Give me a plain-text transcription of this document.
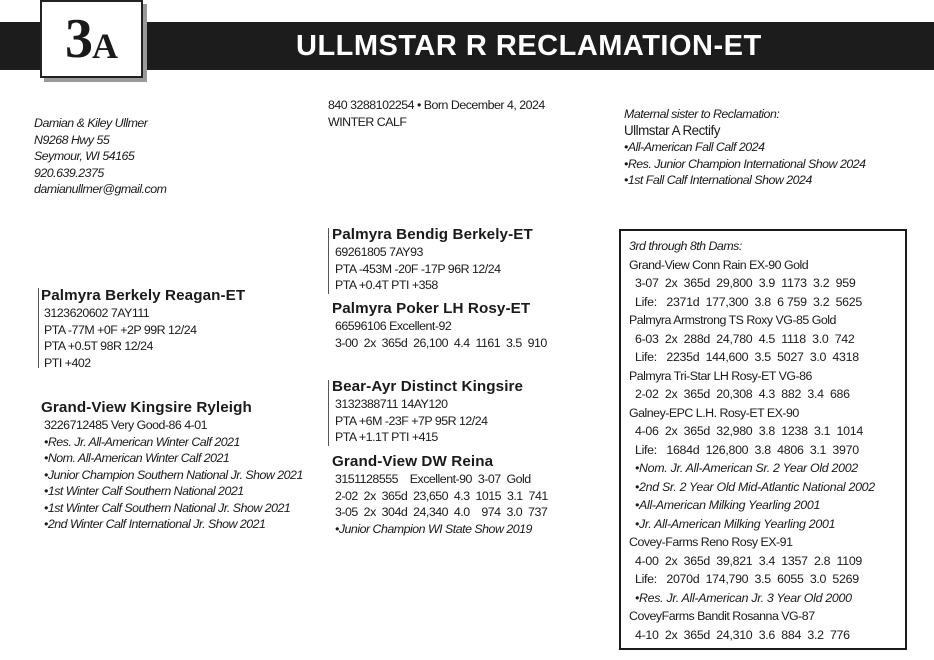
3 A	ULLMSTAR R RECLAMATION-ET
Damian & Kiley Ullmer
N9268 Hwy 55
Seymour, WI 54165
920.639.2375
damianullmer@gmail.com
840 3288102254 • Born December 4, 2024
WINTER CALF
Maternal sister to Reclamation:
Ullmstar A Rectify
•All-American Fall Calf 2024
•Res. Junior Champion International Show 2024
•1st Fall Calf International Show 2024
Palmyra Berkely Reagan-ET
3123620602 7AY111
PTA -77M +0F +2P 99R 12/24
PTA +0.5T 98R 12/24
PTI +402
Grand-View Kingsire Ryleigh
3226712485 Very Good-86 4-01
•Res. Jr. All-American Winter Calf 2021
•Nom. All-American Winter Calf 2021
•Junior Champion Southern National Jr. Show 2021
•1st Winter Calf Southern National 2021
•1st Winter Calf Southern National Jr. Show 2021
•2nd Winter Calf International Jr. Show 2021
Palmyra Bendig Berkely-ET
69261805 7AY93
PTA -453M -20F -17P 96R 12/24
PTA +0.4T PTI +358
Palmyra Poker LH Rosy-ET
66596106 Excellent-92
3-00  2x  365d  26,100  4.4  1161  3.5  910
Bear-Ayr Distinct Kingsire
3132388711 14AY120
PTA +6M -23F +7P 95R 12/24
PTA +1.1T PTI +415
Grand-View DW Reina
3151128555    Excellent-90  3-07  Gold
2-02  2x  365d  23,650  4.3  1015  3.1  741
3-05  2x  304d  24,340  4.0    974  3.0  737
•Junior Champion WI State Show 2019
3rd through 8th Dams:
Grand-View Conn Rain EX-90 Gold
3-07  2x  365d  29,800  3.9  1173  3.2  959
Life:   2371d  177,300  3.8  6 759  3.2  5625
Palmyra Armstrong TS Roxy VG-85 Gold
6-03  2x  288d  24,780  4.5  1118  3.0  742
Life:   2235d  144,600  3.5  5027  3.0  4318
Palmyra Tri-Star LH Rosy-ET VG-86
2-02  2x  365d  20,308  4.3  882  3.4  686
Galney-EPC L.H. Rosy-ET EX-90
4-06  2x  365d  32,980  3.8  1238  3.1  1014
Life:   1684d  126,800  3.8  4806  3.1  3970
•Nom. Jr. All-American Sr. 2 Year Old 2002
•2nd Sr. 2 Year Old Mid-Atlantic National 2002
•All-American Milking Yearling 2001
•Jr. All-American Milking Yearling 2001
Covey-Farms Reno Rosy EX-91
4-00  2x  365d  39,821  3.4  1357  2.8  1109
Life:   2070d  174,790  3.5  6055  3.0  5269
•Res. Jr. All-American Jr. 3 Year Old 2000
CoveyFarms Bandit Rosanna VG-87
4-10  2x  365d  24,310  3.6  884  3.2  776
